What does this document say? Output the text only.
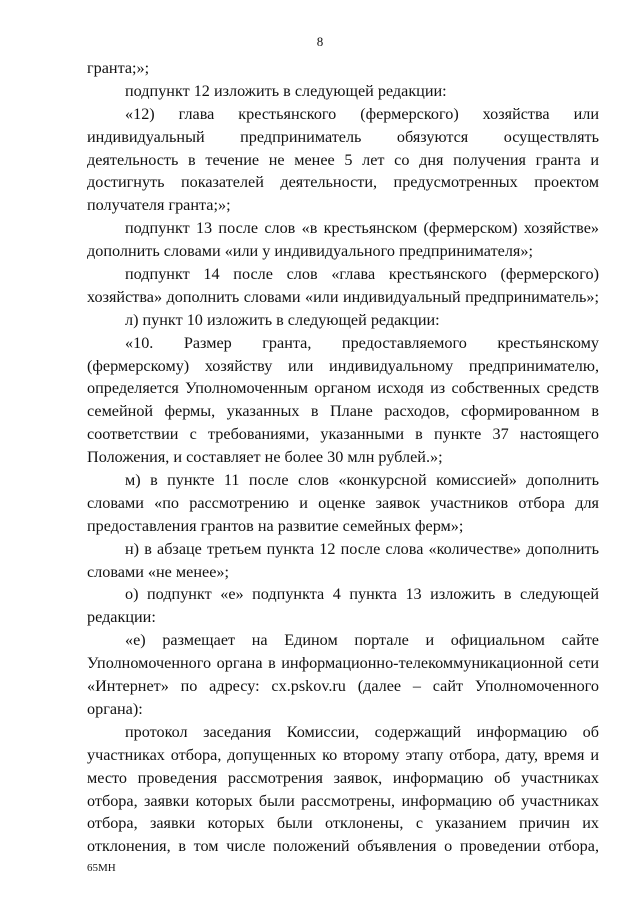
8
гранта;»;
подпункт 12 изложить в следующей редакции:
«12) глава крестьянского (фермерского) хозяйства или
индивидуальный предприниматель обязуются осуществлять
деятельность в течение не менее 5 лет со дня получения гранта и
достигнуть показателей деятельности, предусмотренных проектом
получателя гранта;»;
подпункт 13 после слов «в крестьянском (фермерском) хозяйстве»
дополнить словами «или у индивидуального предпринимателя»;
подпункт 14 после слов «глава крестьянского (фермерского)
хозяйства» дополнить словами «или индивидуальный предприниматель»;
л) пункт 10 изложить в следующей редакции:
«10. Размер гранта, предоставляемого крестьянскому
(фермерскому) хозяйству или индивидуальному предпринимателю,
определяется Уполномоченным органом исходя из собственных средств
семейной фермы, указанных в Плане расходов, сформированном в
соответствии с требованиями, указанными в пункте 37 настоящего
Положения, и составляет не более 30 млн рублей.»;
м) в пункте 11 после слов «конкурсной комиссией» дополнить
словами «по рассмотрению и оценке заявок участников отбора для
предоставления грантов на развитие семейных ферм»;
н) в абзаце третьем пункта 12 после слова «количестве» дополнить
словами «не менее»;
о) подпункт «е» подпункта 4 пункта 13 изложить в следующей
редакции:
«е) размещает на Едином портале и официальном сайте
Уполномоченного органа в информационно-телекоммуникационной сети
«Интернет» по адресу: cx.pskov.ru (далее – сайт Уполномоченного
органа):
протокол заседания Комиссии, содержащий информацию об
участниках отбора, допущенных ко второму этапу отбора, дату, время и
место проведения рассмотрения заявок, информацию об участниках
отбора, заявки которых были рассмотрены, информацию об участниках
отбора, заявки которых были отклонены, с указанием причин их
отклонения, в том числе положений объявления о проведении отбора,
65МН
